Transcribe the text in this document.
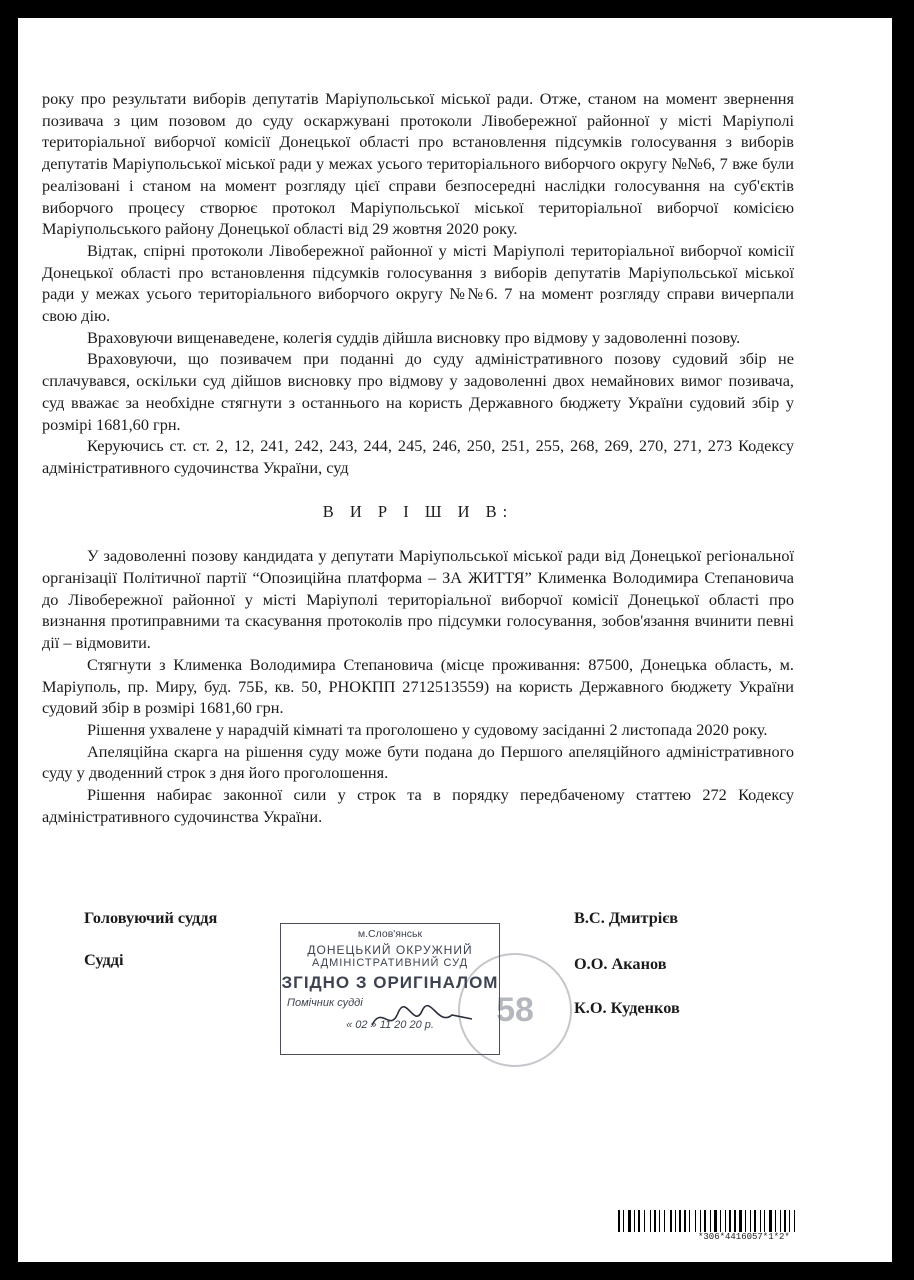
року про результати виборів депутатів Маріупольської міської ради. Отже, станом на момент звернення позивача з цим позовом до суду оскаржувані протоколи Лівобережної районної у місті Маріуполі територіальної виборчої комісії Донецької області про встановлення підсумків голосування з виборів депутатів Маріупольської міської ради у межах усього територіального виборчого округу №№6, 7 вже були реалізовані і станом на момент розгляду цієї справи безпосередні наслідки голосування на суб'єктів виборчого процесу створює протокол Маріупольської міської територіальної виборчої комісією Маріупольського району Донецької області від 29 жовтня 2020 року.

Відтак, спірні протоколи Лівобережної районної у місті Маріуполі територіальної виборчої комісії Донецької області про встановлення підсумків голосування з виборів депутатів Маріупольської міської ради у межах усього територіального виборчого округу №№6. 7 на момент розгляду справи вичерпали свою дію.

Враховуючи вищенаведене, колегія суддів дійшла висновку про відмову у задоволенні позову.

Враховуючи, що позивачем при поданні до суду адміністративного позову судовий збір не сплачувався, оскільки суд дійшов висновку про відмову у задоволенні двох немайнових вимог позивача, суд вважає за необхідне стягнути з останнього на користь Державного бюджету України судовий збір у розмірі 1681,60 грн.

Керуючись ст. ст. 2, 12, 241, 242, 243, 244, 245, 246, 250, 251, 255, 268, 269, 270, 271, 273 Кодексу адміністративного судочинства України, суд

В И Р І Ш И В:

У задоволенні позову кандидата у депутати Маріупольської міської ради від Донецької регіональної організації Політичної партії “Опозиційна платформа – ЗА ЖИТТЯ” Клименка Володимира Степановича до Лівобережної районної у місті Маріуполі територіальної виборчої комісії Донецької області про визнання протиправними та скасування протоколів про підсумки голосування, зобов'язання вчинити певні дії – відмовити.

Стягнути з Клименка Володимира Степановича (місце проживання: 87500, Донецька область, м. Маріуполь, пр. Миру, буд. 75Б, кв. 50, РНОКПП 2712513559) на користь Державного бюджету України судовий збір в розмірі 1681,60 грн.

Рішення ухвалене у нарадчій кімнаті та проголошено у судовому засіданні 2 листопада 2020 року.

Апеляційна скарга на рішення суду може бути подана до Першого апеляційного адміністративного суду у дводенний строк з дня його проголошення.

Рішення набирає законної сили у строк та в порядку передбаченому статтею 272 Кодексу адміністративного судочинства України.

Головуючий суддя
Судді
В.С. Дмитрієв
О.О. Аканов
К.О. Куденков
58
м.Слов'янськ
ДОНЕЦЬКИЙ ОКРУЖНИЙ
АДМІНІСТРАТИВНИЙ СУД
ЗГІДНО З ОРИГІНАЛОМ
Помічник судді
« 02 » 11 20 20 р.
*306*4416057*1*2*
